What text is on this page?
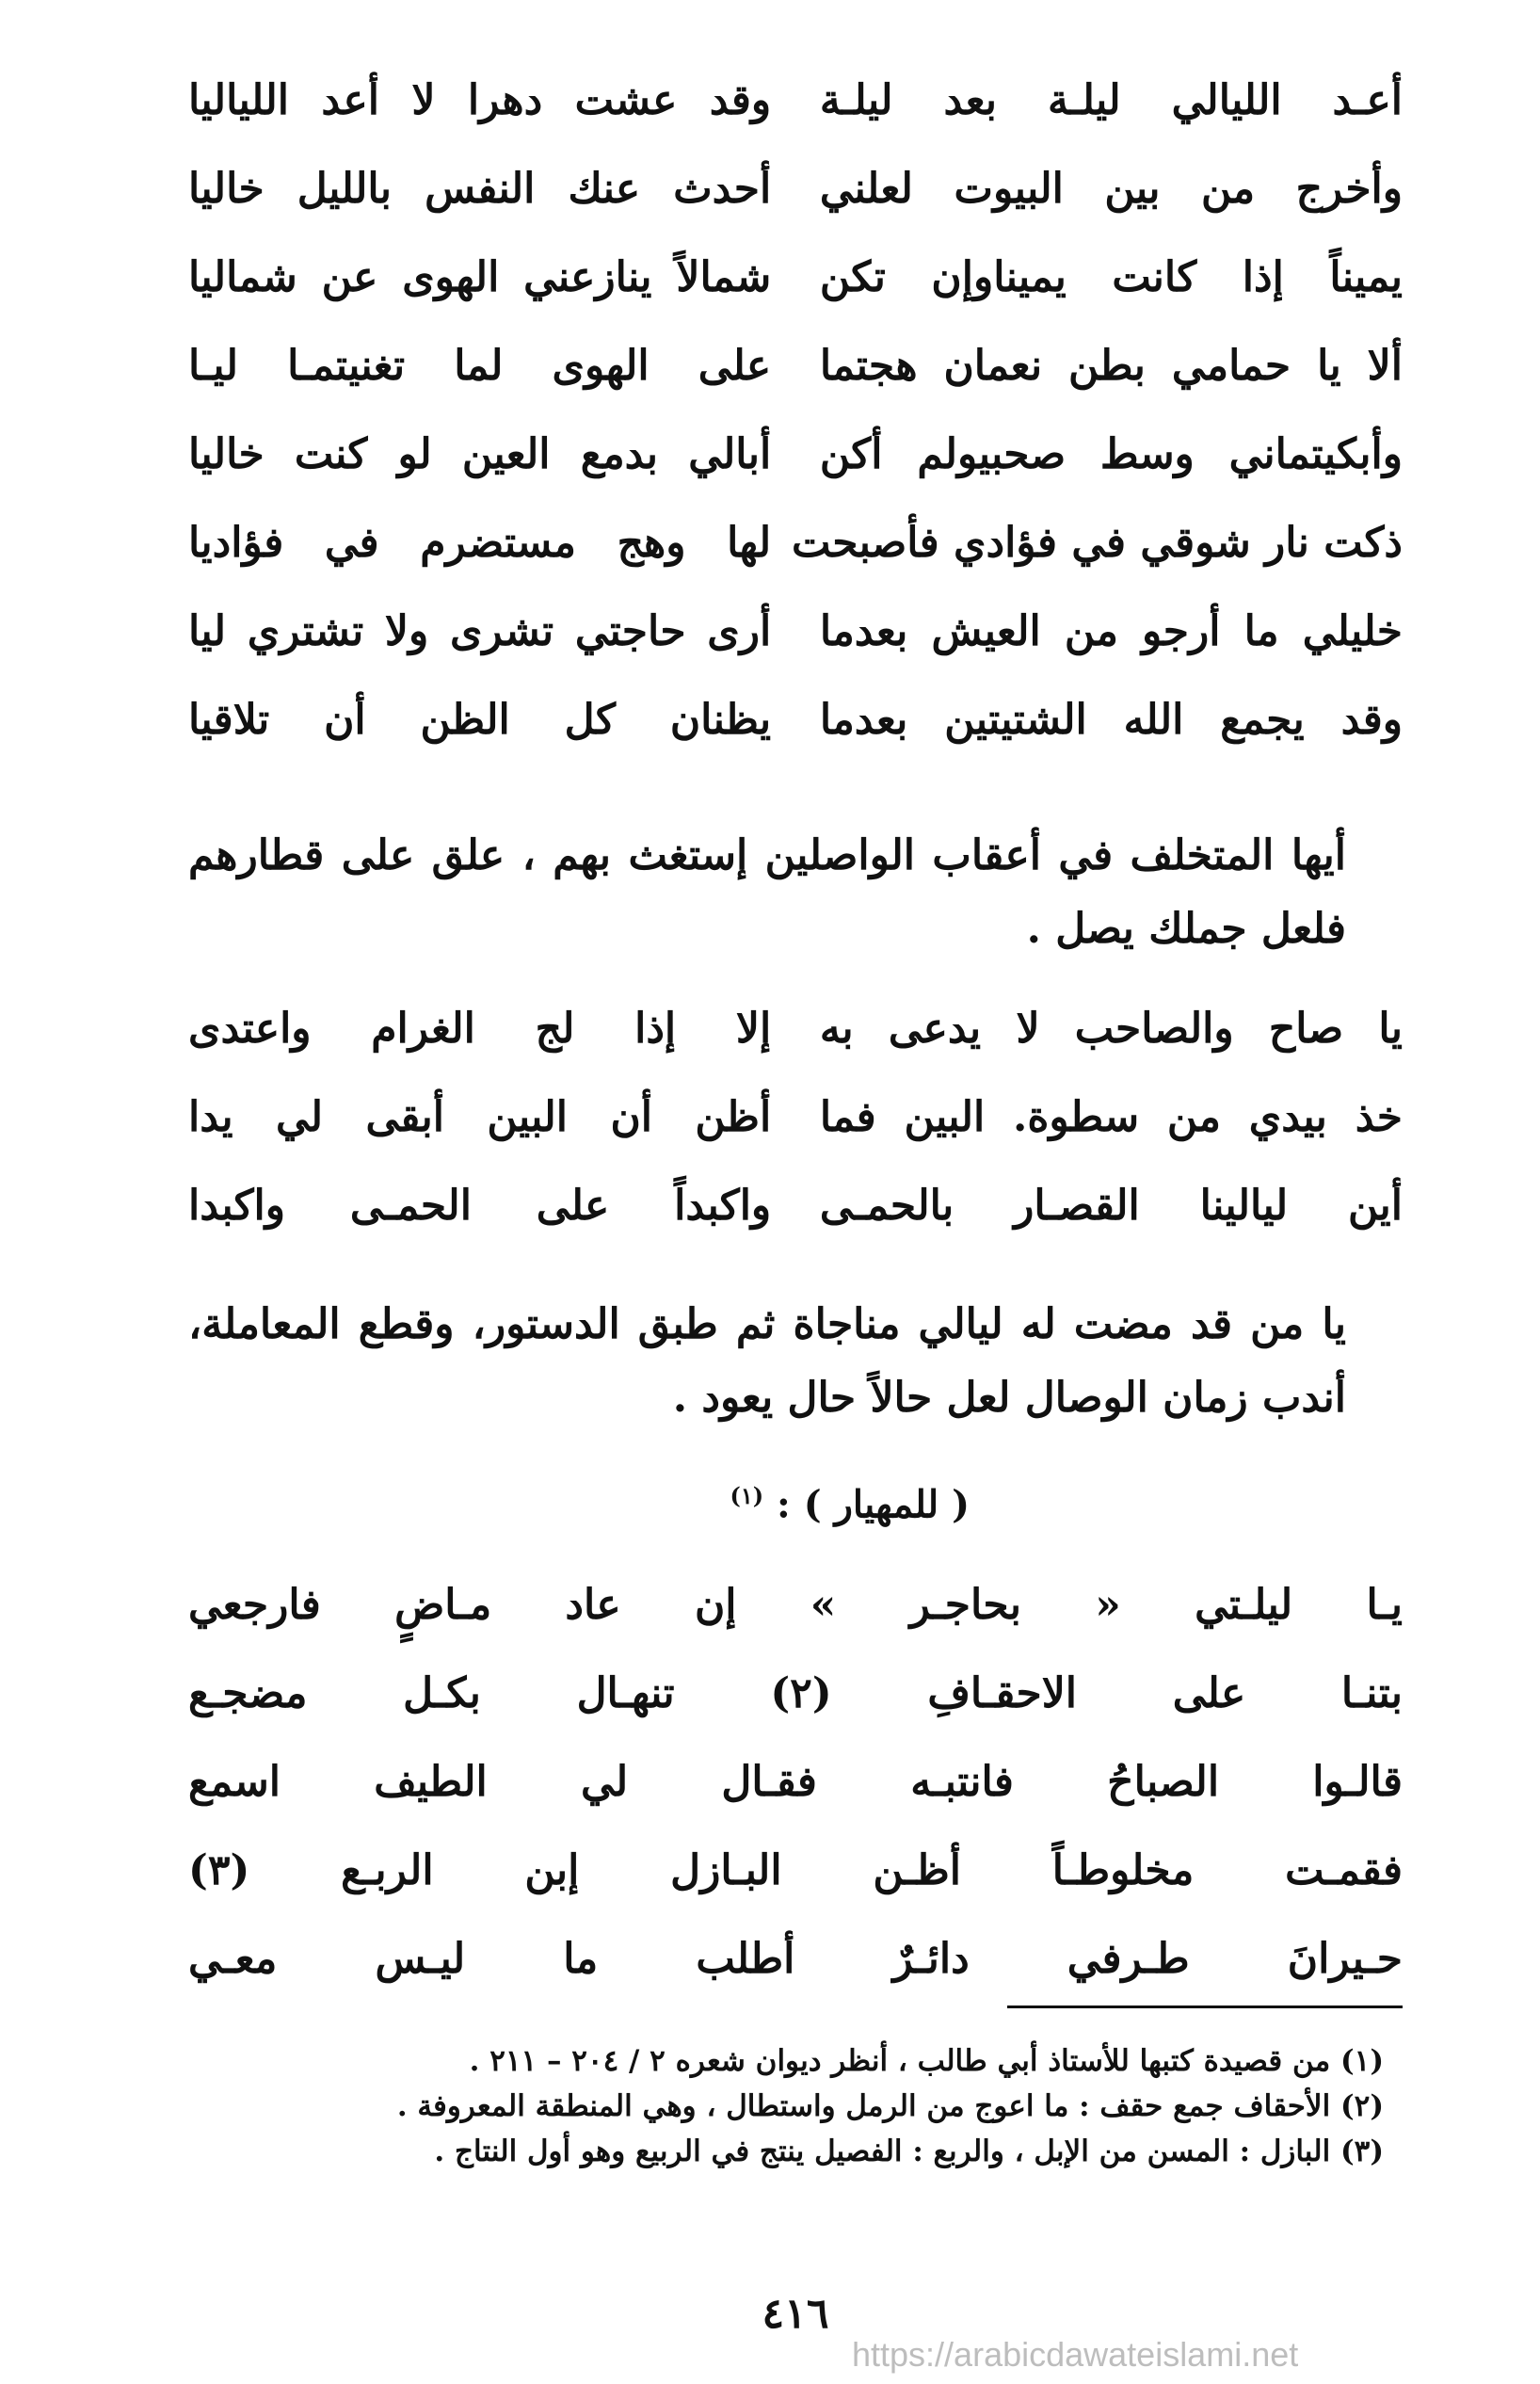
أعـد الليالي ليلـة بعد ليلـة
وقد عشت دهرا لا أعد اللياليا
وأخرج من بين البيوت لعلني
أحدث عنك النفس بالليل خاليا
يميناً إذا كانت يميناوإن تكن
شمالاً ينازعني الهوى عن شماليا
ألا يا حمامي بطن نعمان هجتما
على الهوى لما تغنيتمـا ليـا
وأبكيتماني وسط صحبيولم أكن
أبالي بدمع العين لو كنت خاليا
ذكت نار شوقي في فؤادي فأصبحت
لها وهج مستضرم في فؤاديا
خليلي ما أرجو من العيش بعدما
أرى حاجتي تشرى ولا تشتري ليا
وقد يجمع الله الشتيتين بعدما
يظنان كل الظن أن تلاقيا

أيها المتخلف في أعقاب الواصلين إستغث بهم ، علق على قطارهم فلعل جملك يصل .

يا صاح والصاحب لا يدعى به
إلا إذا لج الغرام واعتدى
خذ بيدي من سطوة. البين فما
أظن أن البين أبقى لي يدا
أين ليالينا القصـار بالحمـى
واكبداً على الحمـى واكبدا

يا من قد مضت له ليالي مناجاة ثم طبق الدستور، وقطع المعاملة، أندب زمان الوصال لعل حالاً حال يعود .

( للمهيار ) : $^{(١)}$
يـا ليلـتي « بحاجـر » إن عاد مـاضٍ فارجعي
بتنـا على الاحقـافِ (٢) تنهـال بكـل مضجـع
قالـوا الصباحُ فانتبـه فقـال لي الطيف اسمع
فقمـت مخلوطـاً أظـن البـازل إبن الربـع (٣)
حـيرانَ طـرفي دائـرٌ أطلب ما ليـس معـي
(١) من قصيدة كتبها للأستاذ أبي طالب ، أنظر ديوان شعره ٢ / ٢٠٤ – ٢١١ .
(٢) الأحقاف جمع حقف : ما اعوج من الرمل واستطال ، وهي المنطقة المعروفة .
(٣) البازل : المسن من الإبل ، والربع : الفصيل ينتج في الربيع وهو أول النتاج .
٤١٦
https://arabicdawateislami.net
